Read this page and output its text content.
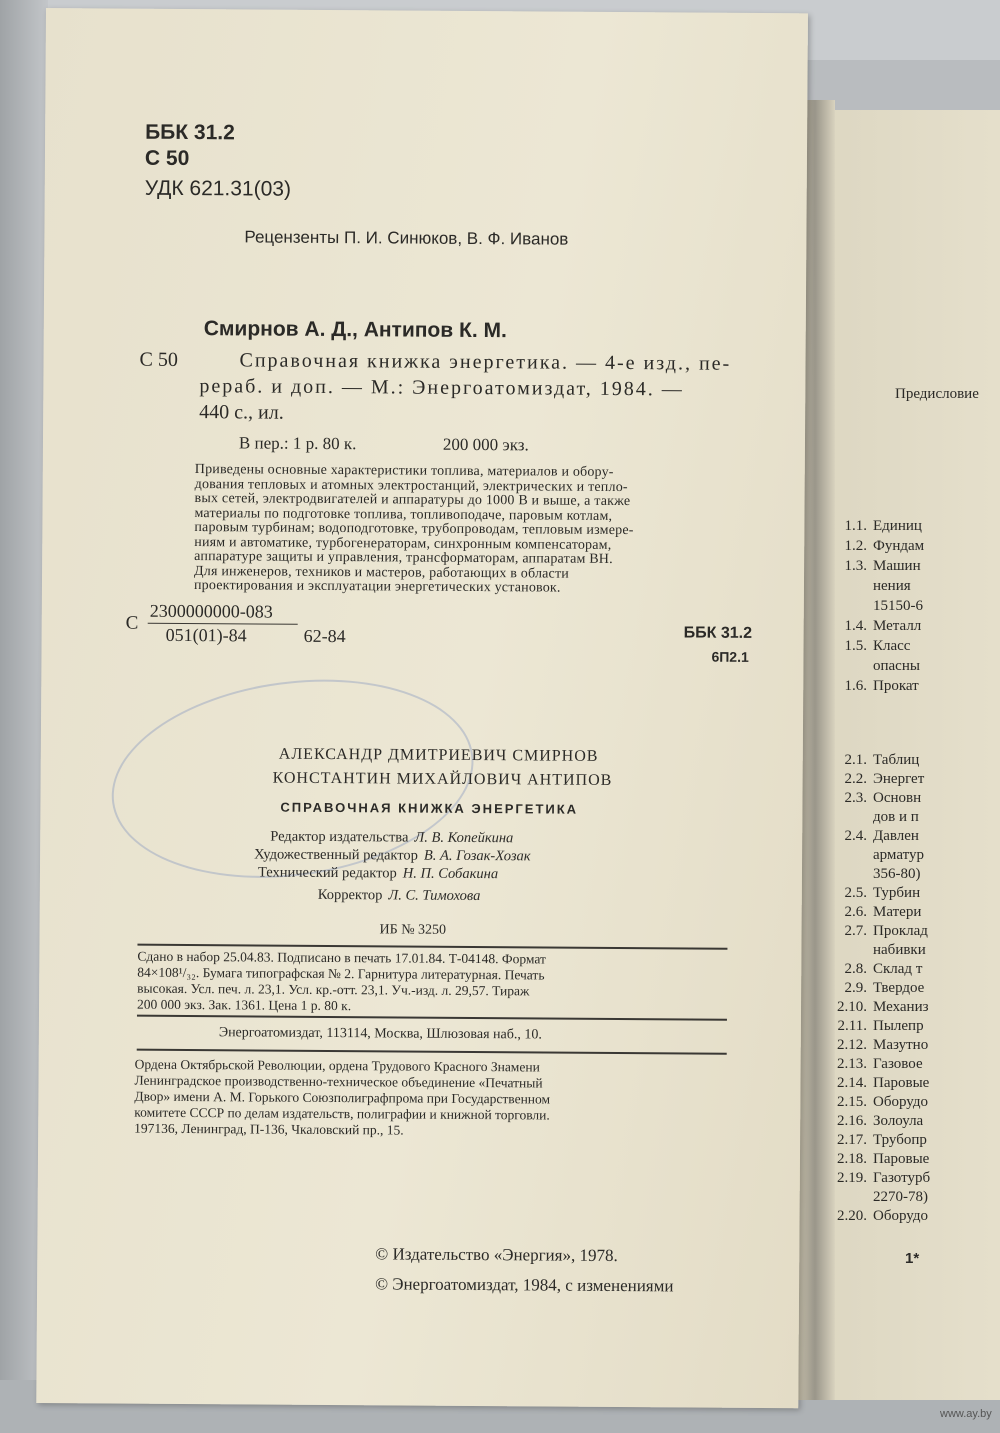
Предисловие
1.1. Единиц
1.2. Фундам
1.3. Машин
нения
15150-6
1.4. Металл
1.5. Класс
опасны
1.6. Прокат
2.1. Таблиц
2.2. Энергет
2.3. Основн
дов и п
2.4. Давлен
арматур
356-80)
2.5. Турбин
2.6. Матери
2.7. Проклад
набивки
2.8. Склад т
2.9. Твердое
2.10. Механиз
2.11. Пылепр
2.12. Мазутно
2.13. Газовое
2.14. Паровые
2.15. Оборудо
2.16. Золоула
2.17. Трубопр
2.18. Паровые
2.19. Газотурб
2270-78)
2.20. Оборудо
1*
www.ay.by
ББК 31.2
С 50
УДК 621.31(03)
Рецензенты П. И. Синюков, В. Ф. Иванов
Смирнов А. Д., Антипов К. М.
С 50	Справочная книжка энергетика. — 4-е изд., пе-
рераб. и доп. — М.: Энергоатомиздат, 1984. —
440 с., ил.
В пер.: 1 р. 80 к.	200 000 экз.
Приведены основные характеристики топлива, материалов и обору-
дования тепловых и атомных электростанций, электрических и тепло-
вых сетей, электродвигателей и аппаратуры до 1000 В и выше, а также
материалы по подготовке топлива, топливоподаче, паровым котлам,
паровым турбинам; водоподготовке, трубопроводам, тепловым измере-
ниям и автоматике, турбогенераторам, синхронным компенсаторам,
аппаратуре защиты и управления, трансформаторам, аппаратам ВН.
Для инженеров, техников и мастеров, работающих в области
проектирования и эксплуатации энергетических установок.
С
2300000000-083
051(01)-84	62-84	ББК 31.2
6П2.1
АЛЕКСАНДР ДМИТРИЕВИЧ СМИРНОВ
КОНСТАНТИН МИХАЙЛОВИЧ АНТИПОВ
СПРАВОЧНАЯ КНИЖКА ЭНЕРГЕТИКА
Редактор издательства Л. В. Копейкина
Художественный редактор В. А. Гозак-Хозак
Технический редактор Н. П. Собакина
Корректор Л. С. Тимохова
ИБ № 3250
Сдано в набор 25.04.83. Подписано в печать 17.01.84. Т-04148. Формат
84×108¹/₃₂. Бумага типографская № 2. Гарнитура литературная. Печать
высокая. Усл. печ. л. 23,1. Усл. кр.-отт. 23,1. Уч.-изд. л. 29,57. Тираж
200 000 экз. Зак. 1361. Цена 1 р. 80 к.
Энергоатомиздат, 113114, Москва, Шлюзовая наб., 10.
Ордена Октябрьской Революции, ордена Трудового Красного Знамени
Ленинградское производственно-техническое объединение «Печатный
Двор» имени А. М. Горького Союзполиграфпрома при Государственном
комитете СССР по делам издательств, полиграфии и книжной торговли.
197136, Ленинград, П-136, Чкаловский пр., 15.
© Издательство «Энергия», 1978.
© Энергоатомиздат, 1984, с изменениями
